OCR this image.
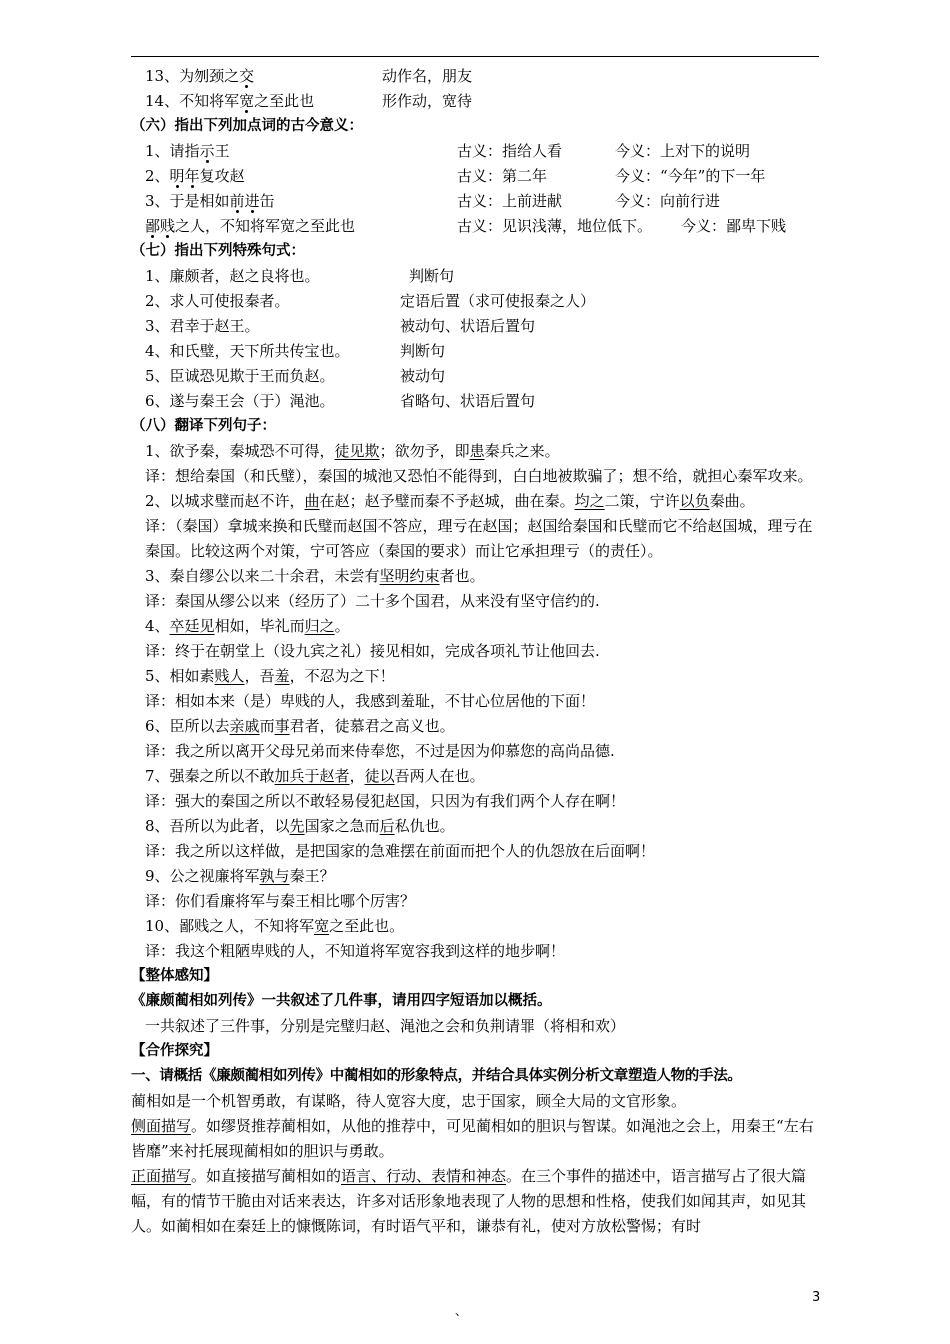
13、为刎颈之交	动作名，朋友
14、不知将军宽之至此也	形作动，宽待
（六）指出下列加点词的古今意义：
1、请指示王	古义：指给人看	今义：上对下的说明
2、明年复攻赵	古义：第二年	今义：“今年”的下一年
3、于是相如前进缶	古义：上前进献	今义：向前行进
鄙贱之人，不知将军宽之至此也	古义：见识浅薄，地位低下。 今义：鄙卑下贱
（七）指出下列特殊句式：
1、廉颇者，赵之良将也。	判断句
2、求人可使报秦者。	定语后置（求可使报秦之人）
3、君幸于赵王。	被动句、状语后置句
4、和氏璧，天下所共传宝也。	判断句
5、臣诚恐见欺于王而负赵。	被动句
6、遂与秦王会（于）渑池。	省略句、状语后置句
（八）翻译下列句子：

1、欲予秦，秦城恐不可得，徒见欺；欲勿予，即患秦兵之来。

译：想给秦国（和氏璧），秦国的城池又恐怕不能得到，白白地被欺骗了；想不给，就担心秦军攻来。

2、以城求璧而赵不许，曲在赵；赵予璧而秦不予赵城，曲在秦。均之二策，宁许以负秦曲。

译：（秦国）拿城来换和氏璧而赵国不答应，理亏在赵国；赵国给秦国和氏璧而它不给赵国城，理亏在秦国。比较这两个对策，宁可答应（秦国的要求）而让它承担理亏（的责任）。

3、秦自缪公以来二十余君，未尝有坚明约束者也。

译：秦国从缪公以来（经历了）二十多个国君，从来没有坚守信约的.

4、卒廷见相如，毕礼而归之。

译：终于在朝堂上（设九宾之礼）接见相如，完成各项礼节让他回去.

5、相如素贱人，吾羞，不忍为之下！

译：相如本来（是）卑贱的人，我感到羞耻，不甘心位居他的下面！

6、臣所以去亲戚而事君者，徒慕君之高义也。

译：我之所以离开父母兄弟而来侍奉您，不过是因为仰慕您的高尚品德.

7、强秦之所以不敢加兵于赵者，徒以吾两人在也。

译：强大的秦国之所以不敢轻易侵犯赵国，只因为有我们两个人存在啊！

8、吾所以为此者，以先国家之急而后私仇也。

译：我之所以这样做，是把国家的急难摆在前面而把个人的仇怨放在后面啊！

9、公之视廉将军孰与秦王？

译：你们看廉将军与秦王相比哪个厉害？

10、鄙贱之人，不知将军宽之至此也。

译：我这个粗陋卑贱的人，不知道将军宽容我到这样的地步啊！

【整体感知】

《廉颇蔺相如列传》一共叙述了几件事，请用四字短语加以概括。

一共叙述了三件事，分别是完璧归赵、渑池之会和负荆请罪（将相和欢）

【合作探究】

一、请概括《廉颇蔺相如列传》中蔺相如的形象特点，并结合具体实例分析文章塑造人物的手法。

蔺相如是一个机智勇敢，有谋略，待人宽容大度，忠于国家，顾全大局的文官形象。

侧面描写。如缪贤推荐蔺相如，从他的推荐中，可见蔺相如的胆识与智谋。如渑池之会上，用秦王“左右皆靡”来衬托展现蔺相如的胆识与勇敢。

正面描写。如直接描写蔺相如的语言、行动、表情和神态。在三个事件的描述中，语言描写占了很大篇幅，有的情节干脆由对话来表达，许多对话形象地表现了人物的思想和性格，使我们如闻其声，如见其人。如蔺相如在秦廷上的慷慨陈词，有时语气平和，谦恭有礼，使对方放松警惕；有时

、
3
